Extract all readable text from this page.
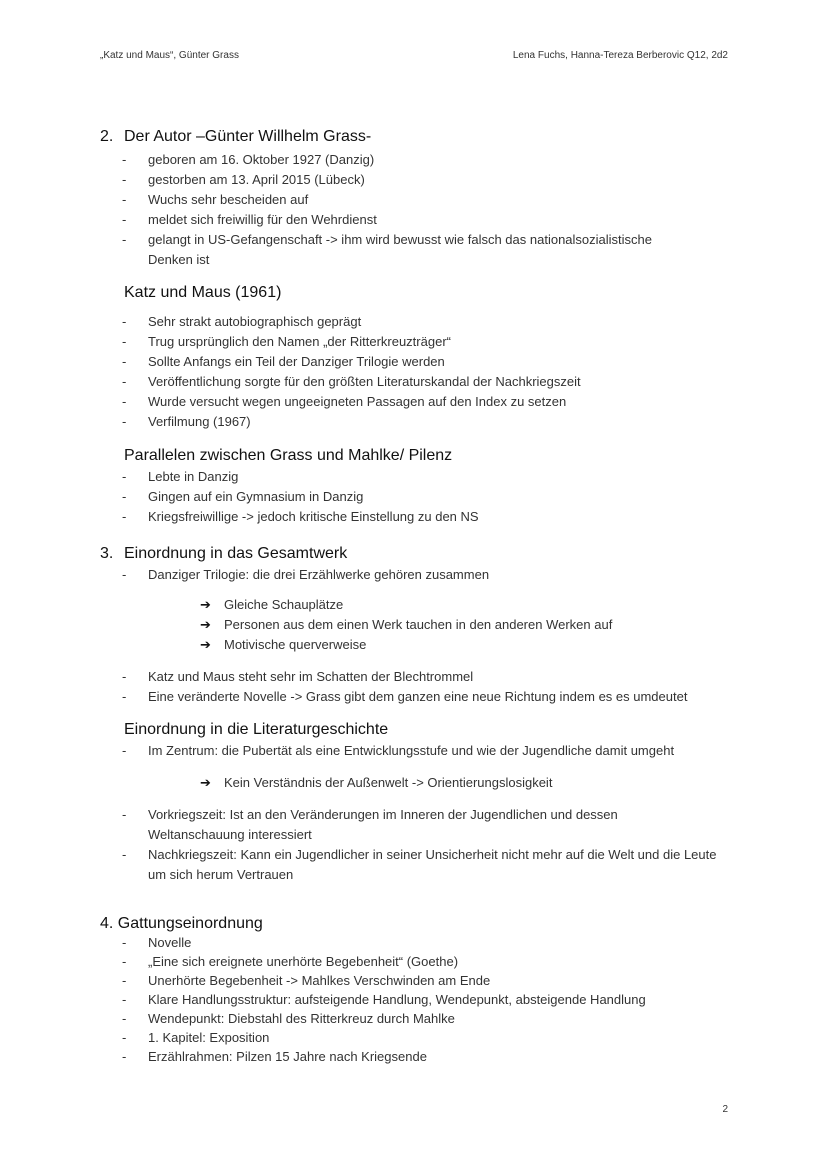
„Katz und Maus“, Günter Grass	Lena Fuchs, Hanna-Tereza Berberovic Q12, 2d2
2. Der Autor –Günter Willhelm Grass-
- geboren am 16. Oktober 1927 (Danzig)
- gestorben am 13. April 2015 (Lübeck)
- Wuchs sehr bescheiden auf
- meldet sich freiwillig für den Wehrdienst
- gelangt in US-Gefangenschaft -> ihm wird bewusst wie falsch das nationalsozialistische Denken ist
Katz und Maus (1961)
- Sehr strakt autobiographisch geprägt
- Trug ursprünglich den Namen „der Ritterkreuzträger“
- Sollte Anfangs ein Teil der Danziger Trilogie werden
- Veröffentlichung sorgte für den größten Literaturskandal der Nachkriegszeit
- Wurde versucht wegen ungeeigneten Passagen auf den Index zu setzen
- Verfilmung (1967)
Parallelen zwischen Grass und Mahlke/ Pilenz
- Lebte in Danzig
- Gingen auf ein Gymnasium in Danzig
- Kriegsfreiwillige -> jedoch kritische Einstellung zu den NS
3. Einordnung in das Gesamtwerk
- Danziger Trilogie: die drei Erzählwerke gehören zusammen
➔ Gleiche Schauplätze
➔ Personen aus dem einen Werk tauchen in den anderen Werken auf
➔ Motivische querverweise
- Katz und Maus steht sehr im Schatten der Blechtrommel
- Eine veränderte Novelle -> Grass gibt dem ganzen eine neue Richtung indem es es umdeutet
Einordnung in die Literaturgeschichte
- Im Zentrum: die Pubertät als eine Entwicklungsstufe und wie der Jugendliche damit umgeht
➔ Kein Verständnis der Außenwelt -> Orientierungslosigkeit
- Vorkriegszeit: Ist an den Veränderungen im Inneren der Jugendlichen und dessen Weltanschauung interessiert
- Nachkriegszeit: Kann ein Jugendlicher in seiner Unsicherheit nicht mehr auf die Welt und die Leute um sich herum Vertrauen
4. Gattungseinordnung
- Novelle
- „Eine sich ereignete unerhörte Begebenheit“ (Goethe)
- Unerhörte Begebenheit -> Mahlkes Verschwinden am Ende
- Klare Handlungsstruktur: aufsteigende Handlung, Wendepunkt, absteigende Handlung
- Wendepunkt: Diebstahl des Ritterkreuz durch Mahlke
- 1. Kapitel: Exposition
- Erzählrahmen: Pilzen 15 Jahre nach Kriegsende
2
